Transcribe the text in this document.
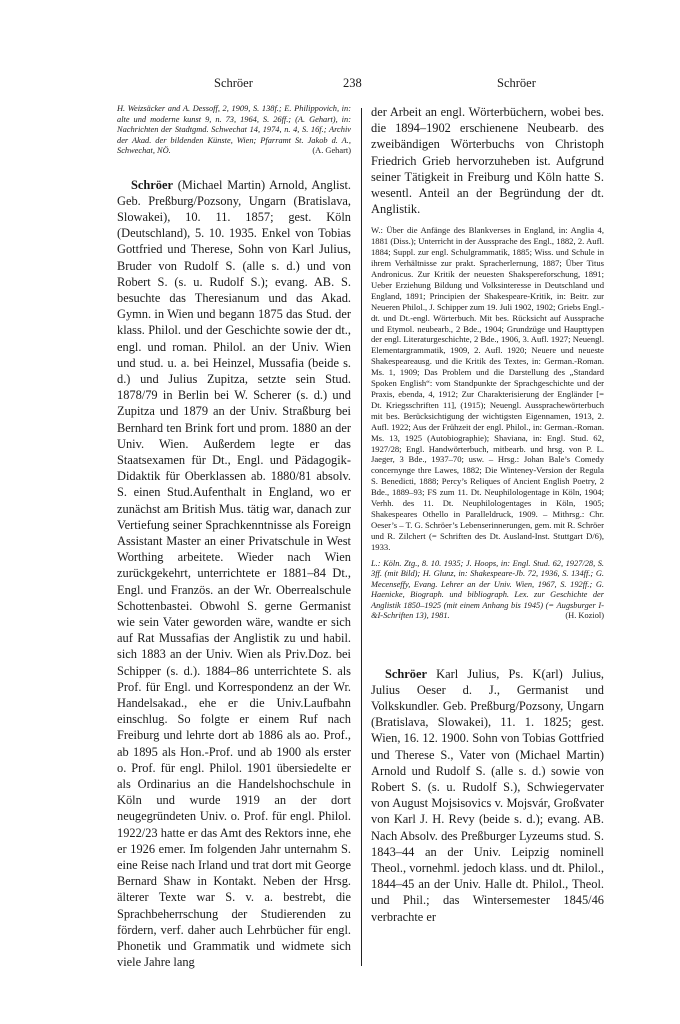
Schröer	238	Schröer

H. Weizsäcker and A. Dessoff, 2, 1909, S. 138f.; E. Philippovich, in: alte und moderne kunst 9, n. 73, 1964, S. 26ff.; (A. Gehart), in: Nachrichten der Stadtgmd. Schwechat 14, 1974, n. 4, S. 16f.; Archiv der Akad. der bildenden Künste, Wien; Pfarramt St. Jakob d. A., Schwechat, NÖ.	(A. Gehart)

Schröer (Michael Martin) Arnold, Anglist. Geb. Preßburg/Pozsony, Ungarn (Bratislava, Slowakei), 10. 11. 1857; gest. Köln (Deutschland), 5. 10. 1935. Enkel von Tobias Gottfried und Therese, Sohn von Karl Julius, Bruder von Rudolf S. (alle s. d.) und von Robert S. (s. u. Rudolf S.); evang. AB. S. besuchte das Theresianum und das Akad. Gymn. in Wien und begann 1875 das Stud. der klass. Philol. und der Geschichte sowie der dt., engl. und roman. Philol. an der Univ. Wien und stud. u. a. bei Heinzel, Mussafia (beide s. d.) und Julius Zupitza, setzte sein Stud. 1878/79 in Berlin bei W. Scherer (s. d.) und Zupitza und 1879 an der Univ. Straßburg bei Bernhard ten Brink fort und prom. 1880 an der Univ. Wien. Außerdem legte er das Staatsexamen für Dt., Engl. und Pädagogik-Didaktik für Oberklassen ab. 1880/81 absolv. S. einen Stud.Aufenthalt in England, wo er zunächst am British Mus. tätig war, danach zur Vertiefung seiner Sprachkenntnisse als Foreign Assistant Master an einer Privatschule in West Worthing arbeitete. Wieder nach Wien zurückgekehrt, unterrichtete er 1881–84 Dt., Engl. und Französ. an der Wr. Oberrealschule Schottenbastei. Obwohl S. gerne Germanist wie sein Vater geworden wäre, wandte er sich auf Rat Mussafias der Anglistik zu und habil. sich 1883 an der Univ. Wien als Priv.Doz. bei Schipper (s. d.). 1884–86 unterrichtete S. als Prof. für Engl. und Korrespondenz an der Wr. Handelsakad., ehe er die Univ.Laufbahn einschlug. So folgte er einem Ruf nach Freiburg und lehrte dort ab 1886 als ao. Prof., ab 1895 als Hon.-Prof. und ab 1900 als erster o. Prof. für engl. Philol. 1901 übersiedelte er als Ordinarius an die Handelshochschule in Köln und wurde 1919 an der dort neugegründeten Univ. o. Prof. für engl. Philol. 1922/23 hatte er das Amt des Rektors inne, ehe er 1926 emer. Im folgenden Jahr unternahm S. eine Reise nach Irland und trat dort mit George Bernard Shaw in Kontakt. Neben der Hrsg. älterer Texte war S. v. a. bestrebt, die Sprachbeherrschung der Studierenden zu fördern, verf. daher auch Lehrbücher für engl. Phonetik und Grammatik und widmete sich viele Jahre lang

der Arbeit an engl. Wörterbüchern, wobei bes. die 1894–1902 erschienene Neubearb. des zweibändigen Wörterbuchs von Christoph Friedrich Grieb hervorzuheben ist. Aufgrund seiner Tätigkeit in Freiburg und Köln hatte S. wesentl. Anteil an der Begründung der dt. Anglistik.

W.: Über die Anfänge des Blankverses in England, in: Anglia 4, 1881 (Diss.); Unterricht in der Aussprache des Engl., 1882, 2. Aufl. 1884; Suppl. zur engl. Schulgrammatik, 1885; Wiss. und Schule in ihrem Verhältnisse zur prakt. Spracherlernung, 1887; Über Titus Andronicus. Zur Kritik der neuesten Shakspereforschung, 1891; Ueber Erziehung Bildung und Volksinteresse in Deutschland und England, 1891; Principien der Shakespeare-Kritik, in: Beitr. zur Neueren Philol., J. Schipper zum 19. Juli 1902, 1902; Griebs Engl.-dt. und Dt.-engl. Wörterbuch. Mit bes. Rücksicht auf Aussprache und Etymol. neubearb., 2 Bde., 1904; Grundzüge und Haupttypen der engl. Literaturgeschichte, 2 Bde., 1906, 3. Aufl. 1927; Neuengl. Elementargrammatik, 1909, 2. Aufl. 1920; Neuere und neueste Shakespeareausg. und die Kritik des Textes, in: German.-Roman. Ms. 1, 1909; Das Problem und die Darstellung des „Standard Spoken English“: vom Standpunkte der Sprachgeschichte und der Praxis, ebenda, 4, 1912; Zur Charakterisierung der Engländer [= Dt. Kriegsschriften 11], (1915); Neuengl. Aussprachewörterbuch mit bes. Berücksichtigung der wichtigsten Eigennamen, 1913, 2. Aufl. 1922; Aus der Frühzeit der engl. Philol., in: German.-Roman. Ms. 13, 1925 (Autobiographie); Shaviana, in: Engl. Stud. 62, 1927/28; Engl. Handwörterbuch, mitbearb. und hrsg. von P. L. Jaeger, 3 Bde., 1937–70; usw. – Hrsg.: Johan Bale’s Comedy concernynge thre Lawes, 1882; Die Winteney-Version der Regula S. Benedicti, 1888; Percy’s Reliques of Ancient English Poetry, 2 Bde., 1889–93; FS zum 11. Dt. Neuphilologentage in Köln, 1904; Verhh. des 11. Dt. Neuphilologentages in Köln, 1905; Shakespeares Othello in Paralleldruck, 1909. – Mithrsg.: Chr. Oeser’s – T. G. Schröer’s Lebenserinnerungen, gem. mit R. Schröer und R. Zilchert (= Schriften des Dt. Ausland-Inst. Stuttgart D/6), 1933.

L.: Köln. Ztg., 8. 10. 1935; J. Hoops, in: Engl. Stud. 62, 1927/28, S. 3ff. (mit Bild); H. Glunz, in: Shakespeare-Jb. 72, 1936, S. 134ff.; G. Mecenseffy, Evang. Lehrer an der Univ. Wien, 1967, S. 192ff.; G. Haenicke, Biograph. und bibliograph. Lex. zur Geschichte der Anglistik 1850–1925 (mit einem Anhang bis 1945) (= Augsburger I-&I-Schriften 13), 1981.	(H. Koziol)

Schröer Karl Julius, Ps. K(arl) Julius, Julius Oeser d. J., Germanist und Volkskundler. Geb. Preßburg/Pozsony, Ungarn (Bratislava, Slowakei), 11. 1. 1825; gest. Wien, 16. 12. 1900. Sohn von Tobias Gottfried und Therese S., Vater von (Michael Martin) Arnold und Rudolf S. (alle s. d.) sowie von Robert S. (s. u. Rudolf S.), Schwiegervater von August Mojsisovics v. Mojsvár, Großvater von Karl J. H. Revy (beide s. d.); evang. AB. Nach Absolv. des Preßburger Lyzeums stud. S. 1843–44 an der Univ. Leipzig nominell Theol., vornehml. jedoch klass. und dt. Philol., 1844–45 an der Univ. Halle dt. Philol., Theol. und Phil.; das Wintersemester 1845/46 verbrachte er
